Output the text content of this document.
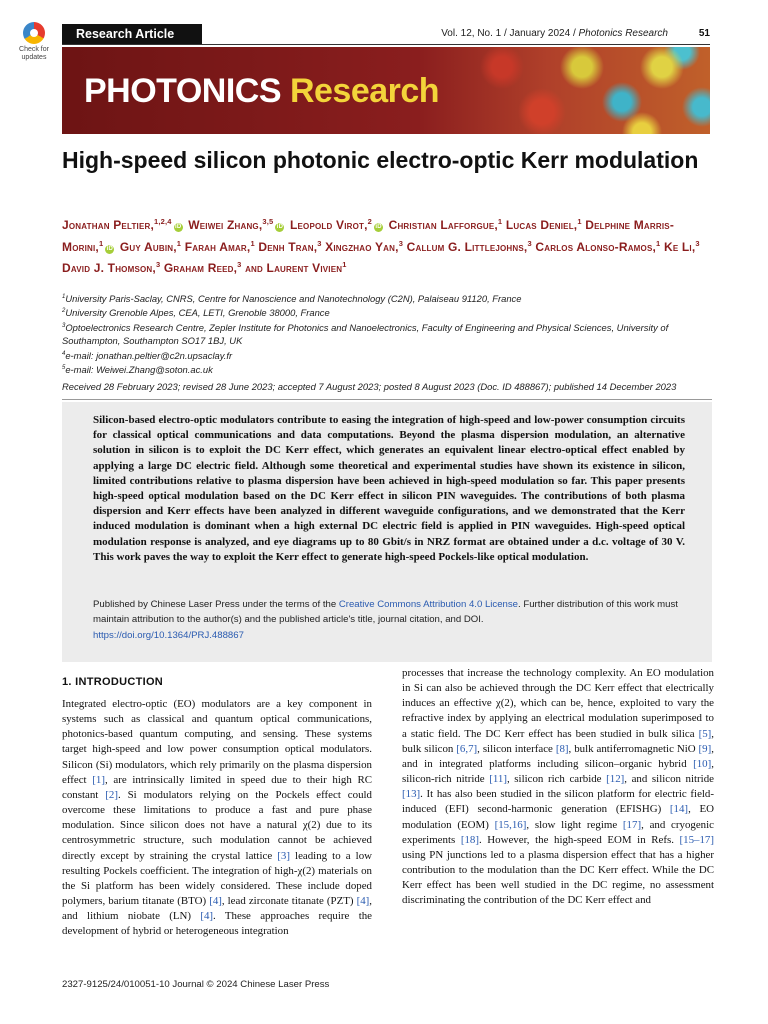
Check for
updates
Research Article	Vol. 12, No. 1 / January 2024 / Photonics Research	51
PHOTONICS Research
High-speed silicon photonic electro-optic Kerr modulation
Jonathan Peltier,$^{1,2,4}$iD Weiwei Zhang,$^{3,5}$iD Leopold Virot,$^2$iD Christian Lafforgue,$^1$ Lucas Deniel,$^1$ Delphine Marris-Morini,$^1$iD Guy Aubin,$^1$ Farah Amar,$^1$ Denh Tran,$^3$ Xingzhao Yan,$^3$ Callum G. Littlejohns,$^3$ Carlos Alonso-Ramos,$^1$ Ke Li,$^3$ David J. Thomson,$^3$ Graham Reed,$^3$ and Laurent Vivien$^1$
$^1$University Paris-Saclay, CNRS, Centre for Nanoscience and Nanotechnology (C2N), Palaiseau 91120, France
$^2$University Grenoble Alpes, CEA, LETI, Grenoble 38000, France
$^3$Optoelectronics Research Centre, Zepler Institute for Photonics and Nanoelectronics, Faculty of Engineering and Physical Sciences, University of Southampton, Southampton SO17 1BJ, UK
$^4$e-mail: jonathan.peltier@c2n.upsaclay.fr
$^5$e-mail: Weiwei.Zhang@soton.ac.uk
Received 28 February 2023; revised 28 June 2023; accepted 7 August 2023; posted 8 August 2023 (Doc. ID 488867); published 14 December 2023
Silicon-based electro-optic modulators contribute to easing the integration of high-speed and low-power consumption circuits for classical optical communications and data computations. Beyond the plasma dispersion modulation, an alternative solution in silicon is to exploit the DC Kerr effect, which generates an equivalent linear electro-optical effect enabled by applying a large DC electric field. Although some theoretical and experimental studies have shown its existence in silicon, limited contributions relative to plasma dispersion have been achieved in high-speed modulation so far. This paper presents high-speed optical modulation based on the DC Kerr effect in silicon PIN waveguides. The contributions of both plasma dispersion and Kerr effects have been analyzed in different waveguide configurations, and we demonstrated that the Kerr induced modulation is dominant when a high external DC electric field is applied in PIN waveguides. High-speed optical modulation response is analyzed, and eye diagrams up to 80 Gbit/s in NRZ format are obtained under a d.c. voltage of 30 V. This work paves the way to exploit the Kerr effect to generate high-speed Pockels-like optical modulation.
Published by Chinese Laser Press under the terms of the Creative Commons Attribution 4.0 License. Further distribution of this work must maintain attribution to the author(s) and the published article's title, journal citation, and DOI.
https://doi.org/10.1364/PRJ.488867
1. INTRODUCTION
Integrated electro-optic (EO) modulators are a key component in systems such as classical and quantum optical communications, photonics-based quantum computing, and sensing. These systems target high-speed and low power consumption optical modulators. Silicon (Si) modulators, which rely primarily on the plasma dispersion effect [1], are intrinsically limited in speed due to their high RC constant [2]. Si modulators relying on the Pockels effect could overcome these limitations to produce a fast and pure phase modulation. Since silicon does not have a natural χ(2) due to its centrosymmetric structure, such modulation cannot be achieved directly except by straining the crystal lattice [3] leading to a low resulting Pockels coefficient. The integration of high-χ(2) materials on the Si platform has been widely considered. These include doped polymers, barium titanate (BTO) [4], lead zirconate titanate (PZT) [4], and lithium niobate (LN) [4]. These approaches require the development of hybrid or heterogeneous integration
processes that increase the technology complexity. An EO modulation in Si can also be achieved through the DC Kerr effect that electrically induces an effective χ(2), which can be, hence, exploited to vary the refractive index by applying an electrical modulation superimposed to a static field. The DC Kerr effect has been studied in bulk silica [5], bulk silicon [6,7], silicon interface [8], bulk antiferromagnetic NiO [9], and in integrated platforms including silicon–organic hybrid [10], silicon-rich nitride [11], silicon rich carbide [12], and silicon nitride [13]. It has also been studied in the silicon platform for electric field-induced (EFI) second-harmonic generation (EFISHG) [14], EO modulation (EOM) [15,16], slow light regime [17], and cryogenic experiments [18]. However, the high-speed EOM in Refs. [15–17] using PN junctions led to a plasma dispersion effect that has a higher contribution to the modulation than the DC Kerr effect. While the DC Kerr effect has been well studied in the DC regime, no assessment discriminating the contribution of the DC Kerr effect and
2327-9125/24/010051-10 Journal © 2024 Chinese Laser Press
